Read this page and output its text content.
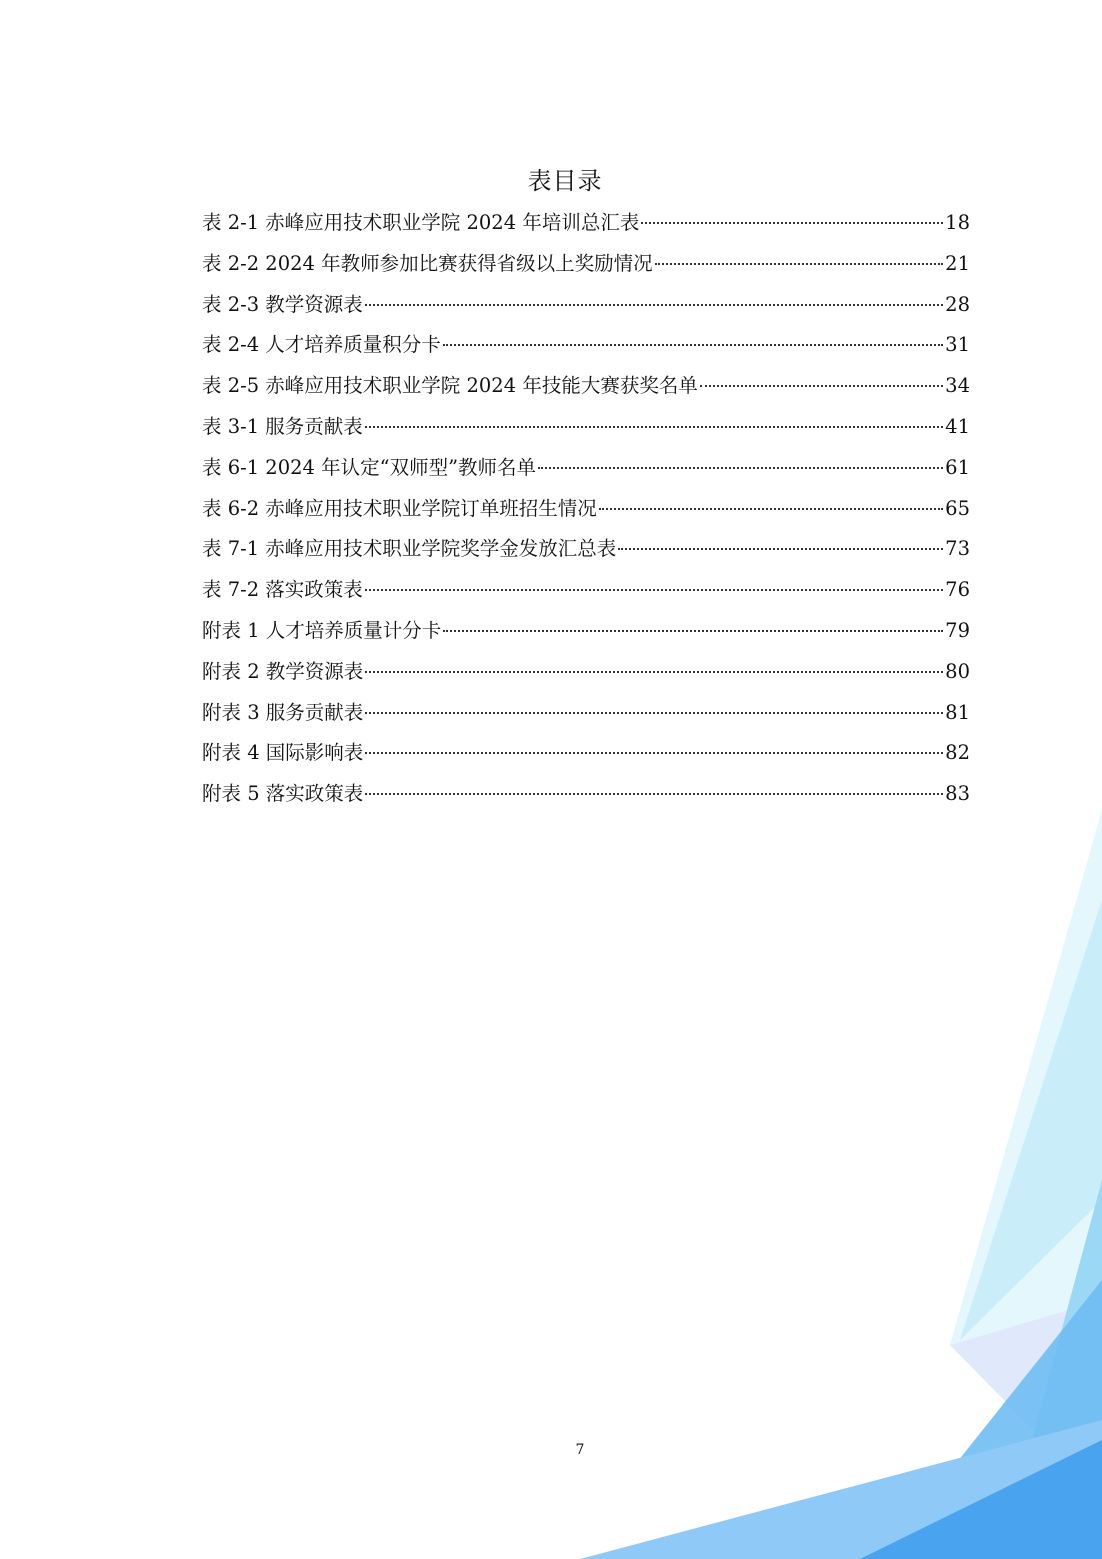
表目录
表 2-1 赤峰应用技术职业学院 2024 年培训总汇表	18
表 2-2 2024 年教师参加比赛获得省级以上奖励情况	21
表 2-3 教学资源表	28
表 2-4 人才培养质量积分卡	31
表 2-5 赤峰应用技术职业学院 2024 年技能大赛获奖名单	34
表 3-1 服务贡献表	41
表 6-1 2024 年认定“双师型”教师名单	61
表 6-2 赤峰应用技术职业学院订单班招生情况	65
表 7-1 赤峰应用技术职业学院奖学金发放汇总表	73
表 7-2 落实政策表	76
附表 1 人才培养质量计分卡	79
附表 2 教学资源表	80
附表 3 服务贡献表	81
附表 4 国际影响表	82
附表 5 落实政策表	83
7
